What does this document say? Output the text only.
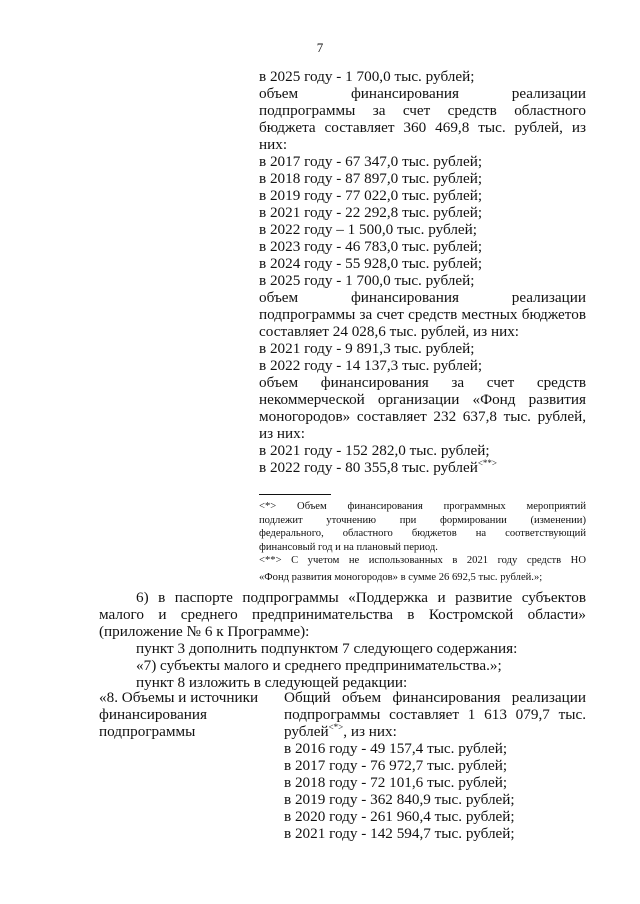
7

в 2025 году - 1 700,0 тыс. рублей;

объем финансирования реализации

подпрограммы за счет средств областного

бюджета составляет 360 469,8 тыс. рублей, из

них:

в 2017 году - 67 347,0 тыс. рублей;

в 2018 году - 87 897,0 тыс. рублей;

в 2019 году - 77 022,0 тыс. рублей;

в 2021 году - 22 292,8 тыс. рублей;

в 2022 году – 1 500,0 тыс. рублей;

в 2023 году - 46 783,0 тыс. рублей;

в 2024 году - 55 928,0 тыс. рублей;

в 2025 году - 1 700,0 тыс. рублей;

объем финансирования реализации

подпрограммы за счет средств местных бюджетов

составляет 24 028,6 тыс. рублей, из них:

в 2021 году - 9 891,3 тыс. рублей;

в 2022 году - 14 137,3 тыс. рублей;

объем финансирования за счет средств

некоммерческой организации «Фонд развития

моногородов» составляет 232 637,8 тыс. рублей,

из них:

в 2021 году - 152 282,0 тыс. рублей;

в 2022 году - 80 355,8 тыс. рублей<**>

<*> Объем финансирования программных мероприятий

подлежит уточнению при формировании (изменении)

федерального, областного бюджетов на соответствующий

финансовый год и на плановый период.

<**> С учетом не использованных в 2021 году средств НО

«Фонд развития моногородов» в сумме 26 692,5 тыс. рублей.»;

6) в паспорте подпрограммы «Поддержка и развитие субъектов

малого и среднего предпринимательства в Костромской области»

(приложение № 6 к Программе):

пункт 3 дополнить подпунктом 7 следующего содержания:

«7) субъекты малого и среднего предпринимательства.»;

пункт 8 изложить в следующей редакции:

«8. Объемы и источники

финансирования

подпрограммы

Общий объем финансирования реализации

подпрограммы составляет 1 613 079,7 тыс.

рублей<*>, из них:

в 2016 году - 49 157,4 тыс. рублей;

в 2017 году - 76 972,7 тыс. рублей;

в 2018 году - 72 101,6 тыс. рублей;

в 2019 году - 362 840,9 тыс. рублей;

в 2020 году - 261 960,4 тыс. рублей;

в 2021 году - 142 594,7 тыс. рублей;
